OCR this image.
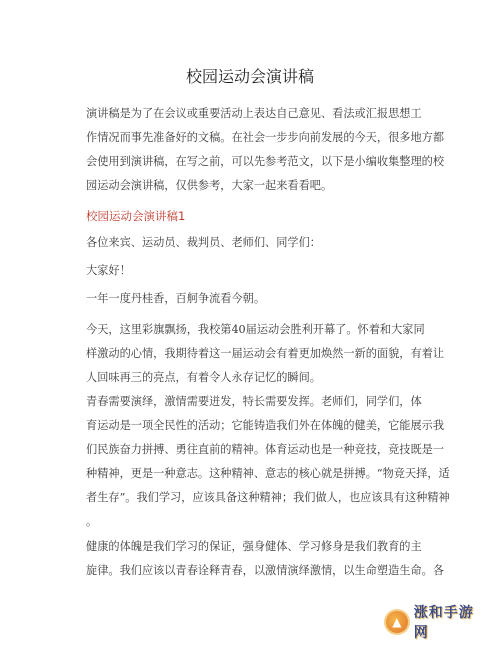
校园运动会演讲稿
演讲稿是为了在会议或重要活动上表达自己意见、看法或汇报思想工
作情况而事先准备好的文稿。在社会一步步向前发展的今天，很多地方都
会使用到演讲稿，在写之前，可以先参考范文，以下是小编收集整理的校
园运动会演讲稿，仅供参考，大家一起来看看吧。
校园运动会演讲稿1
各位来宾、运动员、裁判员、老师们、同学们：
大家好！
一年一度丹桂香，百舸争流看今朝。
今天，这里彩旗飘扬，我校第40届运动会胜利开幕了。怀着和大家同
样激动的心情，我期待着这一届运动会有着更加焕然一新的面貌，有着让
人回味再三的亮点，有着令人永存记忆的瞬间。
青春需要演绎，激情需要迸发，特长需要发挥。老师们，同学们，体
育运动是一项全民性的活动；它能铸造我们外在体魄的健美，它能展示我
们民族奋力拼搏、勇往直前的精神。体育运动也是一种竞技，竞技既是一
种精神，更是一种意志。这种精神、意志的核心就是拼搏。“物竞天择，适
者生存”。我们学习，应该具备这种精神；我们做人，也应该具有这种精神
。
健康的体魄是我们学习的保证，强身健体、学习修身是我们教育的主
旋律。我们应该以青春诠释青春，以激情演绎激情，以生命塑造生命。各
▲
涨和手游网
